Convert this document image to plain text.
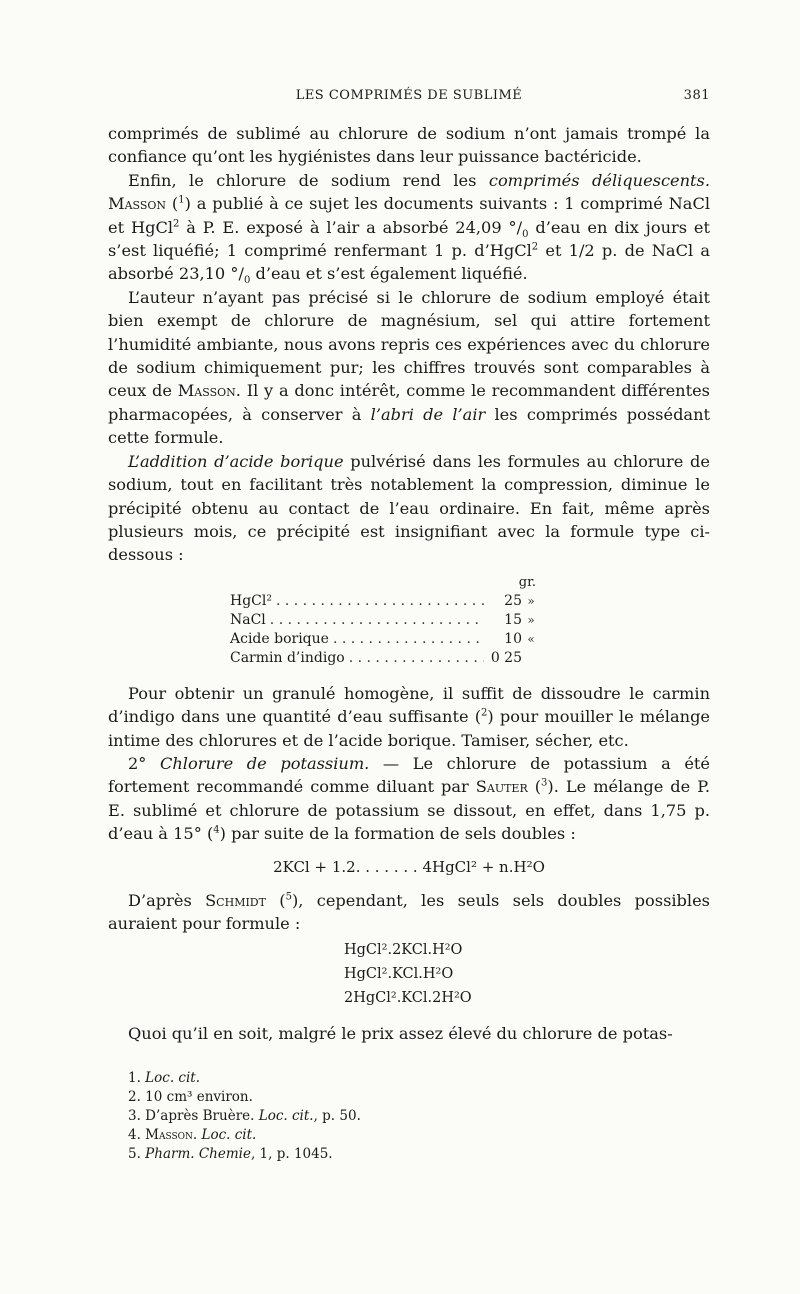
LES COMPRIMÉS DE SUBLIMÉ	381

comprimés de sublimé au chlorure de sodium n’ont jamais trompé la confiance qu’ont les hygiénistes dans leur puissance bactéricide.

Enfin, le chlorure de sodium rend les comprimés déliquescents. Masson ($^1$) a publié à ce sujet les documents suivants : 1 comprimé NaCl et HgCl$^2$ à P. E. exposé à l’air a absorbé 24,09 $^\circ/_0$ d’eau en dix jours et s’est liquéfié; 1 comprimé renfermant 1 p. d’HgCl$^2$ et 1/2 p. de NaCl a absorbé 23,10 $^\circ/_0$ d’eau et s’est également liquéfié.

L’auteur n’ayant pas précisé si le chlorure de sodium employé était bien exempt de chlorure de magnésium, sel qui attire fortement l’humidité ambiante, nous avons repris ces expériences avec du chlorure de sodium chimiquement pur; les chiffres trouvés sont comparables à ceux de Masson. Il y a donc intérêt, comme le recommandent différentes pharmacopées, à conserver à l’abri de l’air les comprimés possédant cette formule.

L’addition d’acide borique pulvérisé dans les formules au chlorure de sodium, tout en facilitant très notablement la compression, diminue le précipité obtenu au contact de l’eau ordinaire. En fait, même après plusieurs mois, ce précipité est insignifiant avec la formule type ci-dessous :

gr.
HgCl² . . .	25 »
NaCl . . .	15 »
Acide borique . . .	10 «
Carmin d’indigo . . .	0 25

Pour obtenir un granulé homogène, il suffit de dissoudre le carmin d’indigo dans une quantité d’eau suffisante ($^2$) pour mouiller le mélange intime des chlorures et de l’acide borique. Tamiser, sécher, etc.

2° Chlorure de potassium. — Le chlorure de potassium a été fortement recommandé comme diluant par Sauter ($^3$). Le mélange de P. E. sublimé et chlorure de potassium se dissout, en effet, dans 1,75 p. d’eau à 15° ($^4$) par suite de la formation de sels doubles :

2KCl + 1.2. . . . . . . 4HgCl² + n.H²O

D’après Schmidt ($^5$), cependant, les seuls sels doubles possibles auraient pour formule :

HgCl².2KCl.H²O
HgCl².KCl.H²O
2HgCl².KCl.2H²O

Quoi qu’il en soit, malgré le prix assez élevé du chlorure de potas-

1. Loc. cit.
2. 10 cm³ environ.
3. D’après Bruère. Loc. cit., p. 50.
4. Masson. Loc. cit.
5. Pharm. Chemie, 1, p. 1045.
